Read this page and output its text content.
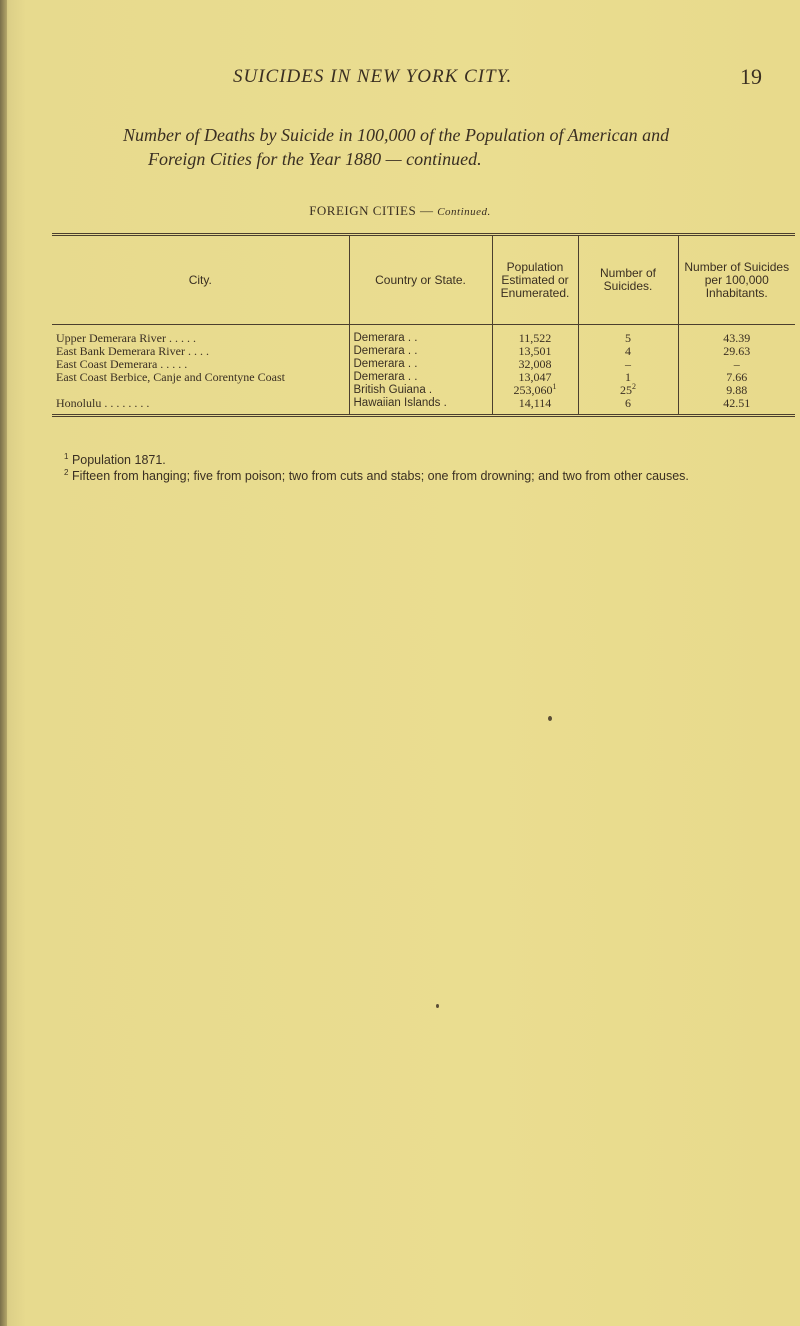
SUICIDES IN NEW YORK CITY.	19
Number of Deaths by Suicide in 100,000 of the Population of American and
Foreign Cities for the Year 1880 — continued.
FOREIGN CITIES — Continued.
City.	Country or State.	Population Estimated or Enumerated.	Number of Suicides.	Number of Suicides per 100,000 Inhabitants.
Upper Demerara River . . . . .	Demerara . .	11,522	5	43.39
East Bank Demerara River . . . .	Demerara . .	13,501	4	29.63
East Coast Demerara . . . . .	Demerara . .	32,008	–	–
East Coast Berbice, Canje and Corentyne Coast	Demerara . .	13,047	1	7.66
	British Guiana .	253,060$^1$	$25^2$	9.88
Honolulu . . . . . . . .	Hawaiian Islands .	14,114	6	42.51

$^1$ Population 1871.

$^2$ Fifteen from hanging; five from poison; two from cuts and stabs; one from drowning; and two from other causes.
